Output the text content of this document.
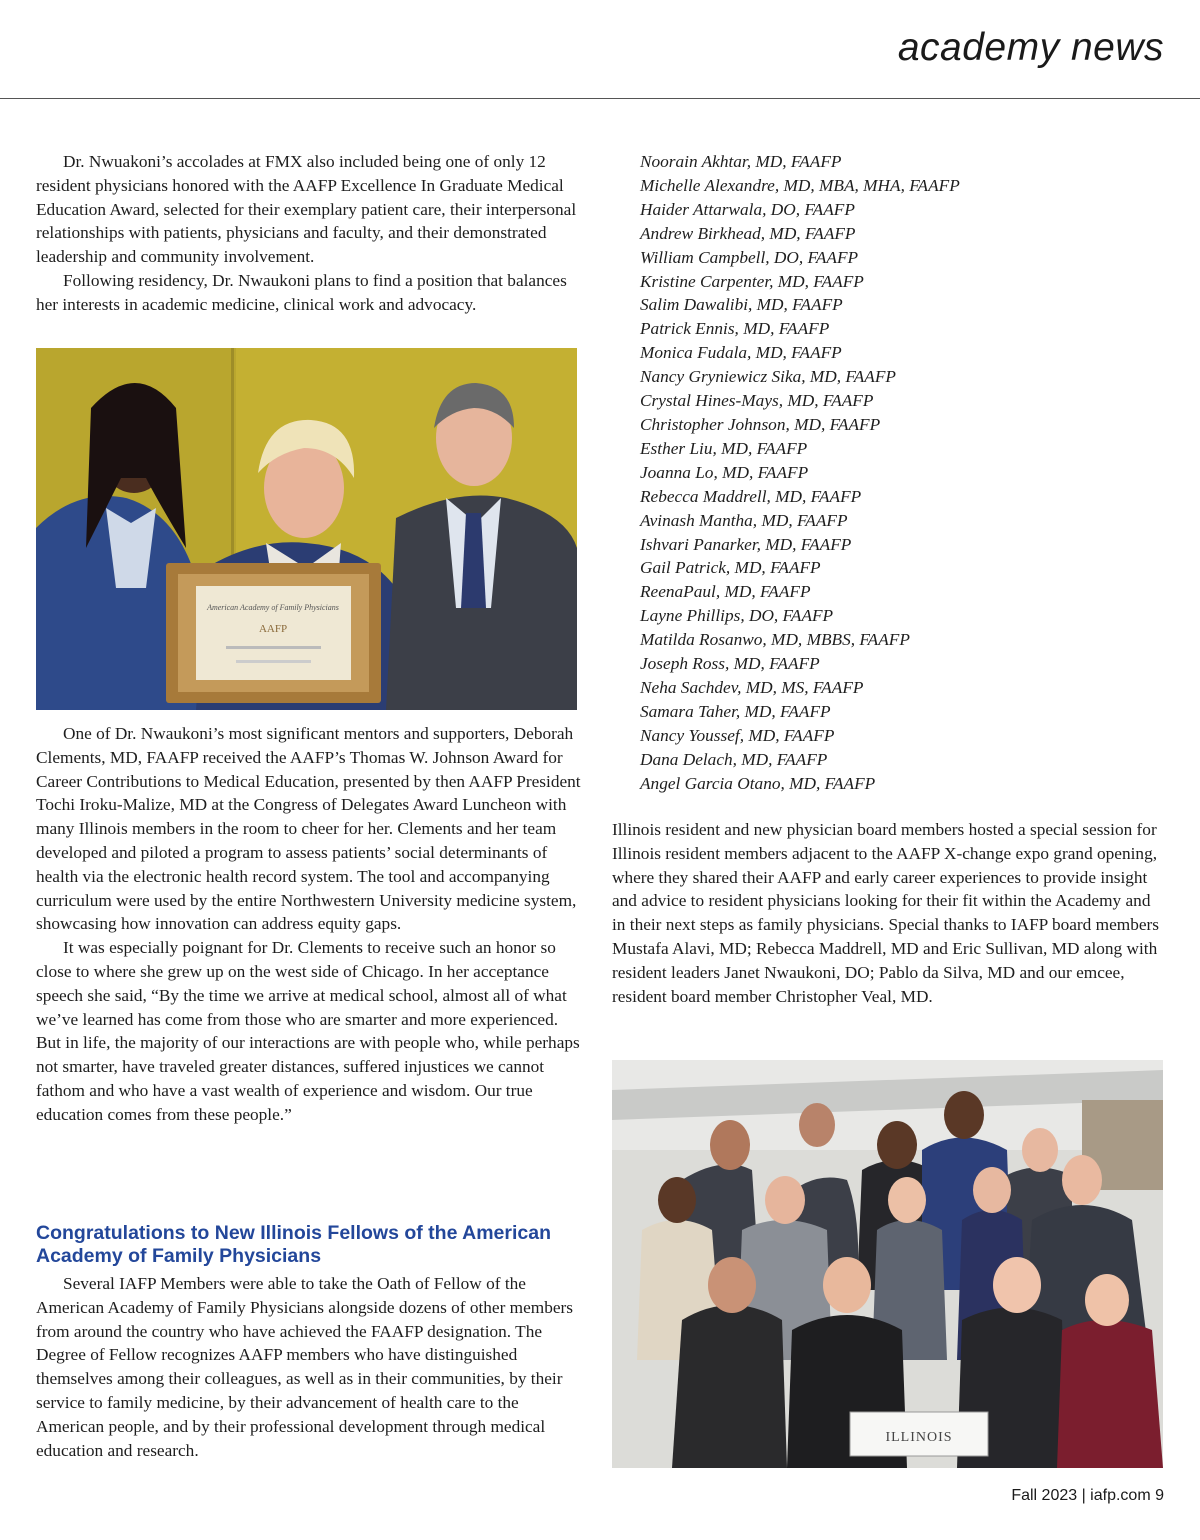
academy news

Dr. Nwuakoni’s accolades at FMX also included being one of only 12 resident physicians honored with the AAFP Excellence In Graduate Medical Education Award, selected for their exemplary patient care, their interpersonal relationships with patients, physicians and faculty, and their demonstrated leadership and community involvement.

Following residency, Dr. Nwaukoni plans to find a position that balances her interests in academic medicine, clinical work and advocacy.

American Academy of Family Physicians
AAFP

One of Dr. Nwaukoni’s most significant mentors and supporters, Deborah Clements, MD, FAAFP received the AAFP’s Thomas W. Johnson Award for Career Contributions to Medical Education, presented by then AAFP President Tochi Iroku-Malize, MD at the Congress of Delegates Award Luncheon with many Illinois members in the room to cheer for her. Clements and her team developed and piloted a program to assess patients’ social determinants of health via the electronic health record system. The tool and accompanying curriculum were used by the entire Northwestern University medicine system, showcasing how innovation can address equity gaps.

It was especially poignant for Dr. Clements to receive such an honor so close to where she grew up on the west side of Chicago. In her acceptance speech she said, “By the time we arrive at medical school, almost all of what we’ve learned has come from those who are smarter and more experienced. But in life, the majority of our interactions are with people who, while perhaps not smarter, have traveled greater distances, suffered injustices we cannot fathom and who have a vast wealth of experience and wisdom. Our true education comes from these people.”

Congratulations to New Illinois Fellows of the American Academy of Family Physicians

Several IAFP Members were able to take the Oath of Fellow of the American Academy of Family Physicians alongside dozens of other members from around the country who have achieved the FAAFP designation. The Degree of Fellow recognizes AAFP members who have distinguished themselves among their colleagues, as well as in their communities, by their service to family medicine, by their advancement of health care to the American people, and by their professional development through medical education and research.

Noorain Akhtar, MD, FAAFP
Michelle Alexandre, MD, MBA, MHA, FAAFP
Haider Attarwala, DO, FAAFP
Andrew Birkhead, MD, FAAFP
William Campbell, DO, FAAFP
Kristine Carpenter, MD, FAAFP
Salim Dawalibi, MD, FAAFP
Patrick Ennis, MD, FAAFP
Monica Fudala, MD, FAAFP
Nancy Gryniewicz Sika, MD, FAAFP
Crystal Hines-Mays, MD, FAAFP
Christopher Johnson, MD, FAAFP
Esther Liu, MD, FAAFP
Joanna Lo, MD, FAAFP
Rebecca Maddrell, MD, FAAFP
Avinash Mantha, MD, FAAFP
Ishvari Panarker, MD, FAAFP
Gail Patrick, MD, FAAFP
ReenaPaul, MD, FAAFP
Layne Phillips, DO, FAAFP
Matilda Rosanwo, MD, MBBS, FAAFP
Joseph Ross, MD, FAAFP
Neha Sachdev, MD, MS, FAAFP
Samara Taher, MD, FAAFP
Nancy Youssef, MD, FAAFP
Dana Delach, MD, FAAFP
Angel Garcia Otano, MD, FAAFP

Illinois resident and new physician board members hosted a special session for Illinois resident members adjacent to the AAFP X-change expo grand opening, where they shared their AAFP and early career experiences to provide insight and advice to resident physicians looking for their fit within the Academy and in their next steps as family physicians. Special thanks to IAFP board members Mustafa Alavi, MD; Rebecca Maddrell, MD and Eric Sullivan, MD along with resident leaders Janet Nwaukoni, DO; Pablo da Silva, MD and our emcee, resident board member Christopher Veal, MD.

ILLINOIS
Fall 2023 | iafp.com 9
